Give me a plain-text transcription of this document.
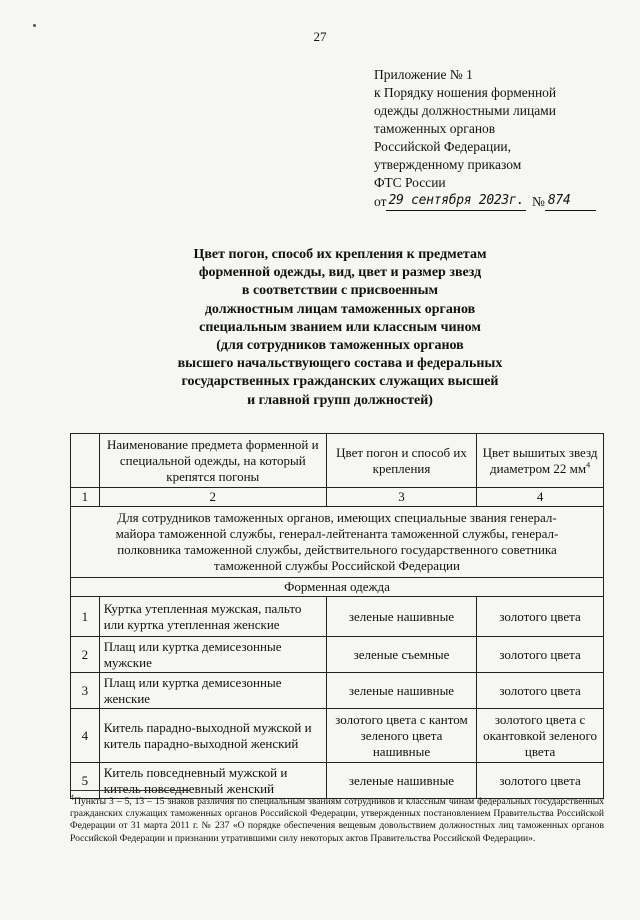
27
Приложение № 1
к Порядку ношения форменной
одежды должностными лицами
таможенных органов
Российской Федерации,
утвержденному приказом
ФТС России
от 29 сентября 2023г. № 874
Цвет погон, способ их крепления к предметам
форменной одежды, вид, цвет и размер звезд
в соответствии с присвоенным
должностным лицам таможенных органов
специальным званием или классным чином
(для сотрудников таможенных органов
высшего начальствующего состава и федеральных
государственных гражданских служащих высшей
и главной групп должностей)
	Наименование предмета форменной и специальной одежды, на который крепятся погоны	Цвет погон и способ их крепления	Цвет вышитых звезд диаметром 22 $мм^4$
1	2	3	4
Для сотрудников таможенных органов, имеющих специальные звания генерал-майора таможенной службы, генерал-лейтенанта таможенной службы, генерал-полковника таможенной службы, действительного государственного советника таможенной службы Российской Федерации			
Форменная одежда			
1	Куртка утепленная мужская, пальто или куртка утепленная женские	зеленые нашивные	золотого цвета
2	Плащ или куртка демисезонные мужские	зеленые съемные	золотого цвета
3	Плащ или куртка демисезонные женские	зеленые нашивные	золотого цвета
4	Китель парадно-выходной мужской и китель парадно-выходной женский	золотого цвета с кантом зеленого цвета нашивные	золотого цвета с окантовкой зеленого цвета
5	Китель повседневный мужской и китель повседневный женский	зеленые нашивные	золотого цвета
$^4$Пункты 3 – 5, 13 – 15 знаков различия по специальным званиям сотрудников и классным чинам федеральных государственных гражданских служащих таможенных органов Российской Федерации, утвержденных постановлением Правительства Российской Федерации от 31 марта 2011 г. № 237 «О порядке обеспечения вещевым довольствием должностных лиц таможенных органов Российской Федерации и признании утратившими силу некоторых актов Правительства Российской Федерации».
